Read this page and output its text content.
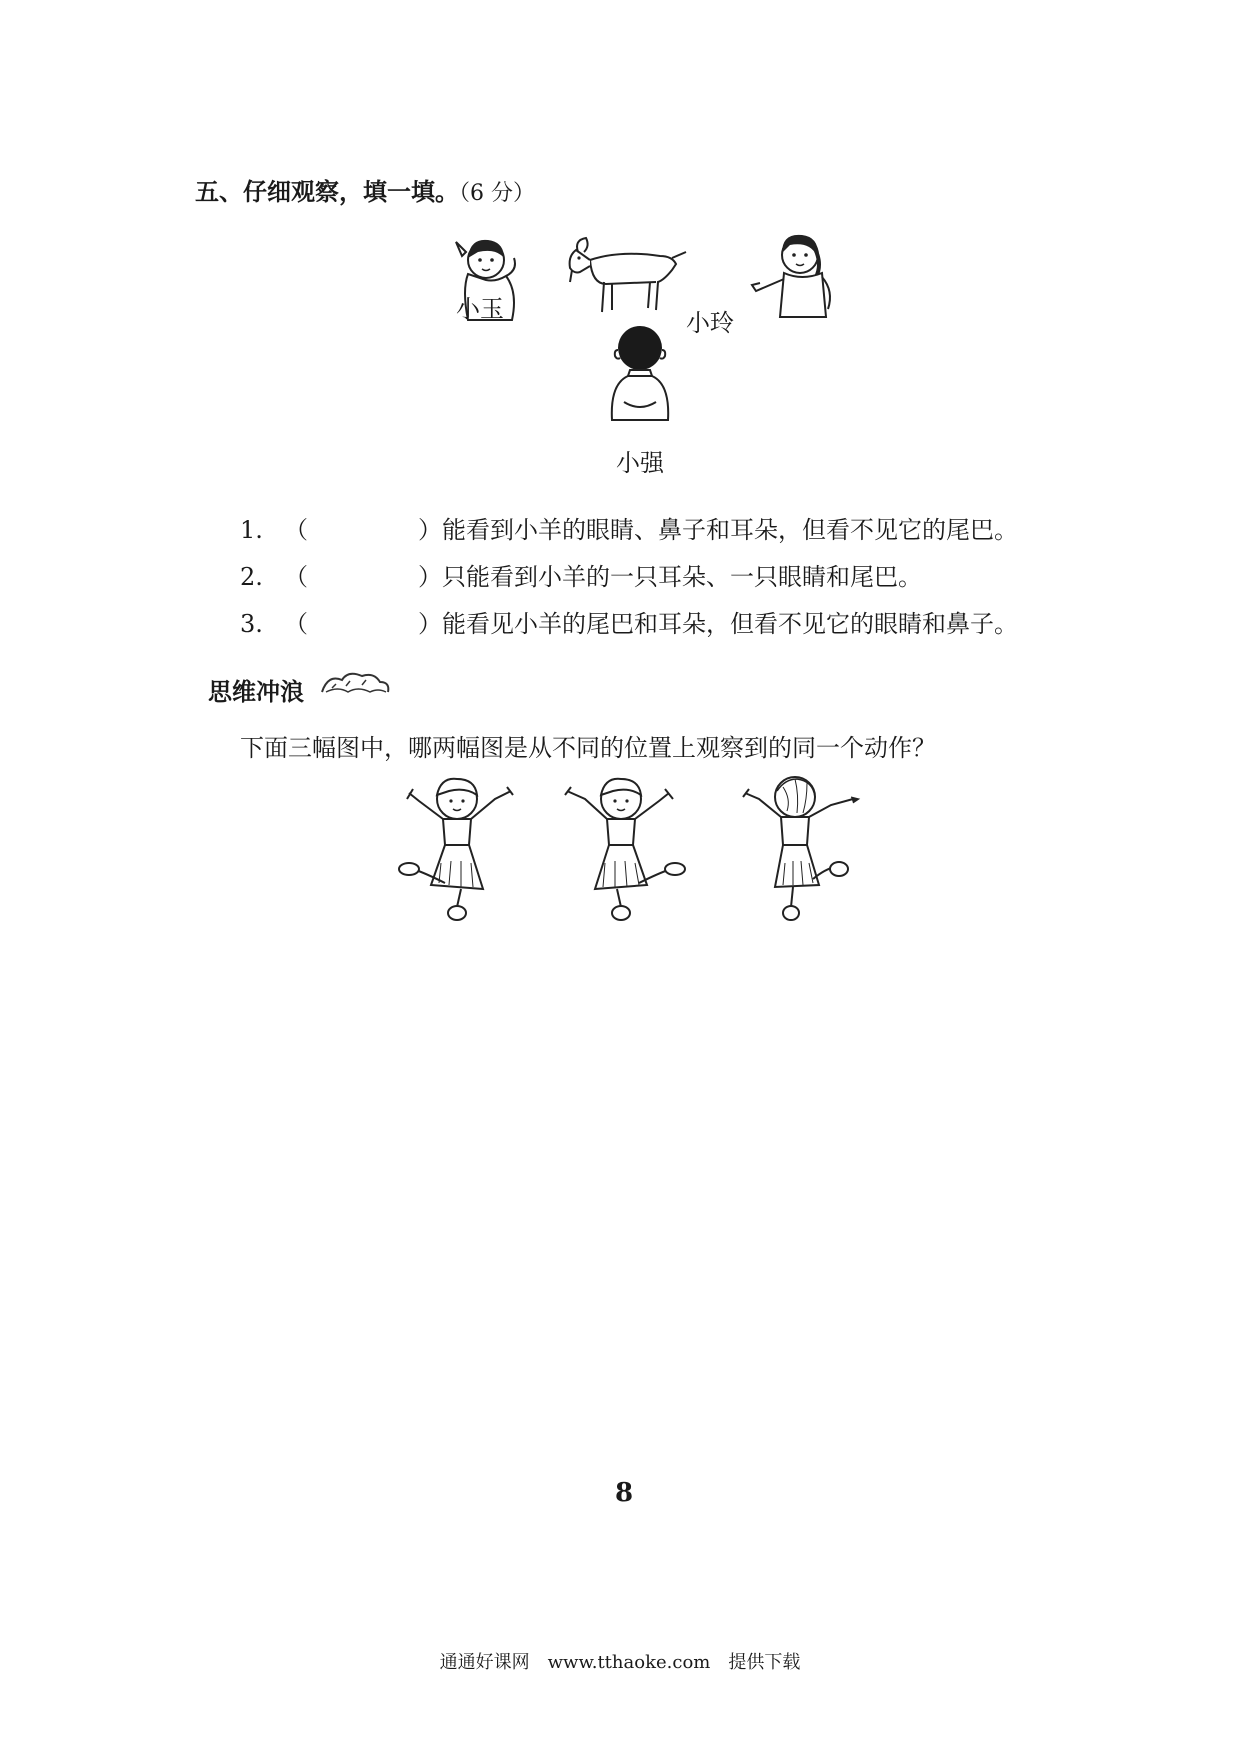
五、仔细观察，填一填。（6 分）
小玉	小玲
小强
1. （	）能看到小羊的眼睛、鼻子和耳朵，但看不见它的尾巴。
2. （	）只能看到小羊的一只耳朵、一只眼睛和尾巴。
3. （	）能看见小羊的尾巴和耳朵，但看不见它的眼睛和鼻子。
思维冲浪
下面三幅图中，哪两幅图是从不同的位置上观察到的同一个动作？
8
通通好课网　www.tthaoke.com　提供下载
